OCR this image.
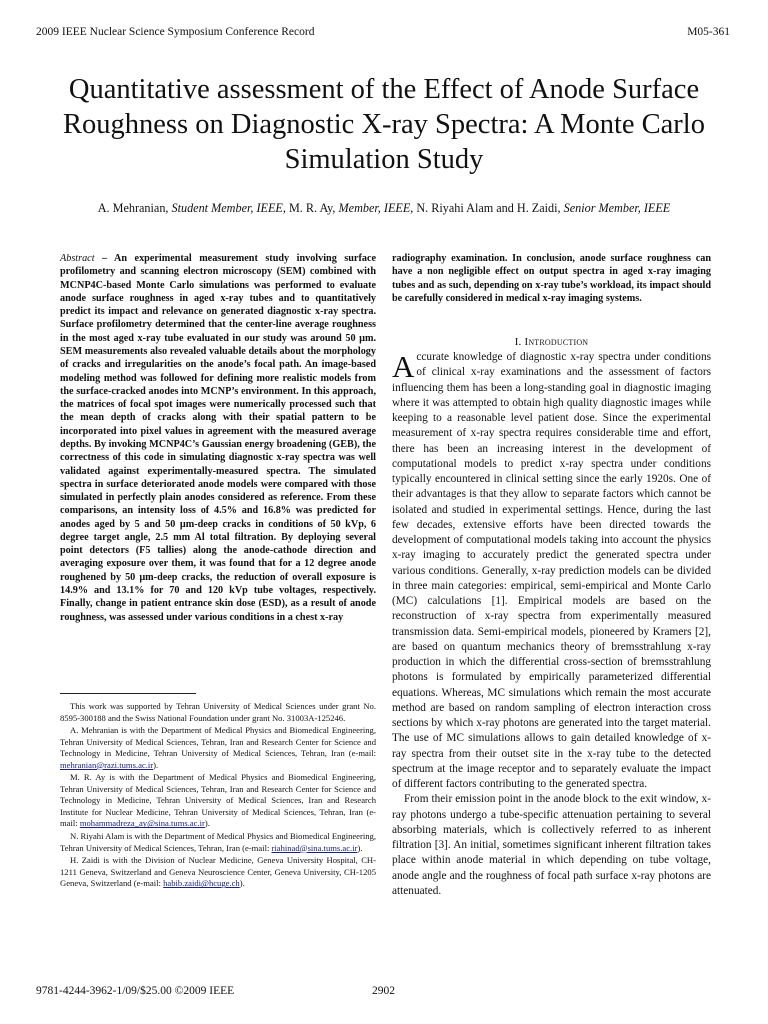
2009 IEEE Nuclear Science Symposium Conference Record	M05-361
Quantitative assessment of the Effect of Anode Surface Roughness on Diagnostic X-ray Spectra: A Monte Carlo Simulation Study
A. Mehranian, Student Member, IEEE, M. R. Ay, Member, IEEE, N. Riyahi Alam and H. Zaidi, Senior Member, IEEE
Abstract – An experimental measurement study involving surface profilometry and scanning electron microscopy (SEM) combined with MCNP4C-based Monte Carlo simulations was performed to evaluate anode surface roughness in aged x-ray tubes and to quantitatively predict its impact and relevance on generated diagnostic x-ray spectra. Surface profilometry determined that the center-line average roughness in the most aged x-ray tube evaluated in our study was around 50 µm. SEM measurements also revealed valuable details about the morphology of cracks and irregularities on the anode’s focal path. An image-based modeling method was followed for defining more realistic models from the surface-cracked anodes into MCNP’s environment. In this approach, the matrices of focal spot images were numerically processed such that the mean depth of cracks along with their spatial pattern to be incorporated into pixel values in agreement with the measured average depths. By invoking MCNP4C’s Gaussian energy broadening (GEB), the correctness of this code in simulating diagnostic x-ray spectra was well validated against experimentally-measured spectra. The simulated spectra in surface deteriorated anode models were compared with those simulated in perfectly plain anodes considered as reference. From these comparisons, an intensity loss of 4.5% and 16.8% was predicted for anodes aged by 5 and 50 µm-deep cracks in conditions of 50 kVp, 6 degree target angle, 2.5 mm Al total filtration. By deploying several point detectors (F5 tallies) along the anode-cathode direction and averaging exposure over them, it was found that for a 12 degree anode roughened by 50 µm-deep cracks, the reduction of overall exposure is 14.9% and 13.1% for 70 and 120 kVp tube voltages, respectively. Finally, change in patient entrance skin dose (ESD), as a result of anode roughness, was assessed under various conditions in a chest x-ray
radiography examination. In conclusion, anode surface roughness can have a non negligible effect on output spectra in aged x-ray imaging tubes and as such, depending on x-ray tube’s workload, its impact should be carefully considered in medical x-ray imaging systems.
I. Introduction

Accurate knowledge of diagnostic x-ray spectra under conditions of clinical x-ray examinations and the assessment of factors influencing them has been a long-standing goal in diagnostic imaging where it was attempted to obtain high quality diagnostic images while keeping to a reasonable level patient dose. Since the experimental measurement of x-ray spectra requires considerable time and effort, there has been an increasing interest in the development of computational models to predict x-ray spectra under conditions typically encountered in clinical setting since the early 1920s. One of their advantages is that they allow to separate factors which cannot be isolated and studied in experimental settings. Hence, during the last few decades, extensive efforts have been directed towards the development of computational models taking into account the physics x-ray imaging to accurately predict the generated spectra under various conditions. Generally, x-ray prediction models can be divided in three main categories: empirical, semi-empirical and Monte Carlo (MC) calculations [1]. Empirical models are based on the reconstruction of x-ray spectra from experimentally measured transmission data. Semi-empirical models, pioneered by Kramers [2], are based on quantum mechanics theory of bremsstrahlung x-ray production in which the differential cross-section of bremsstrahlung photons is formulated by empirically parameterized differential equations. Whereas, MC simulations which remain the most accurate method are based on random sampling of electron interaction cross sections by which x-ray photons are generated into the target material. The use of MC simulations allows to gain detailed knowledge of x-ray spectra from their outset site in the x-ray tube to the detected spectrum at the image receptor and to separately evaluate the impact of different factors contributing to the generated spectra.

From their emission point in the anode block to the exit window, x-ray photons undergo a tube-specific attenuation pertaining to several absorbing materials, which is collectively referred to as inherent filtration [3]. An initial, sometimes significant inherent filtration takes place within anode material in which depending on tube voltage, anode angle and the roughness of focal path surface x-ray photons are attenuated.

This work was supported by Tehran University of Medical Sciences under grant No. 8595-300188 and the Swiss National Foundation under grant No. 31003A-125246.

A. Mehranian is with the Department of Medical Physics and Biomedical Engineering, Tehran University of Medical Sciences, Tehran, Iran and Research Center for Science and Technology in Medicine, Tehran University of Medical Sciences, Tehran, Iran (e-mail: mehranian@razi.tums.ac.ir).

M. R. Ay is with the Department of Medical Physics and Biomedical Engineering, Tehran University of Medical Sciences, Tehran, Iran and Research Center for Science and Technology in Medicine, Tehran University of Medical Sciences, Iran and Research Institute for Nuclear Medicine, Tehran University of Medical Sciences, Tehran, Iran (e-mail: mohammadreza_ay@sina.tums.ac.ir).

N. Riyahi Alam is with the Department of Medical Physics and Biomedical Engineering, Tehran University of Medical Sciences, Tehran, Iran (e-mail: riahinad@sina.tums.ac.ir).

H. Zaidi is with the Division of Nuclear Medicine, Geneva University Hospital, CH-1211 Geneva, Switzerland and Geneva Neuroscience Center, Geneva University, CH-1205 Geneva, Switzerland (e-mail: habib.zaidi@hcuge.ch).

9781-4244-3962-1/09/$25.00 ©2009 IEEE	2902
